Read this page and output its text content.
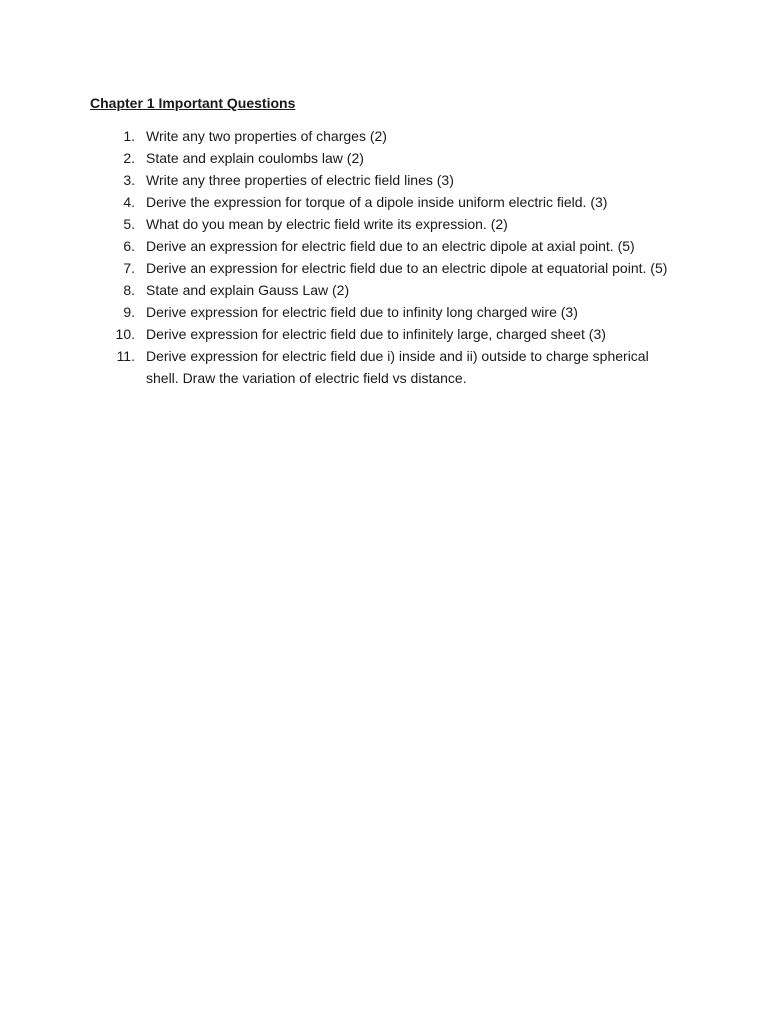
Chapter 1 Important Questions
1. Write any two properties of charges (2)
2. State and explain coulombs law (2)
3. Write any three properties of electric field lines (3)
4. Derive the expression for torque of a dipole inside uniform electric field. (3)
5. What do you mean by electric field write its expression. (2)
6. Derive an expression for electric field due to an electric dipole at axial point. (5)
7. Derive an expression for electric field due to an electric dipole at equatorial point. (5)
8. State and explain Gauss Law (2)
9. Derive expression for electric field due to infinity long charged wire (3)
10. Derive expression for electric field due to infinitely large, charged sheet (3)
11. Derive expression for electric field due i) inside and ii) outside to charge spherical shell. Draw the variation of electric field vs distance.
